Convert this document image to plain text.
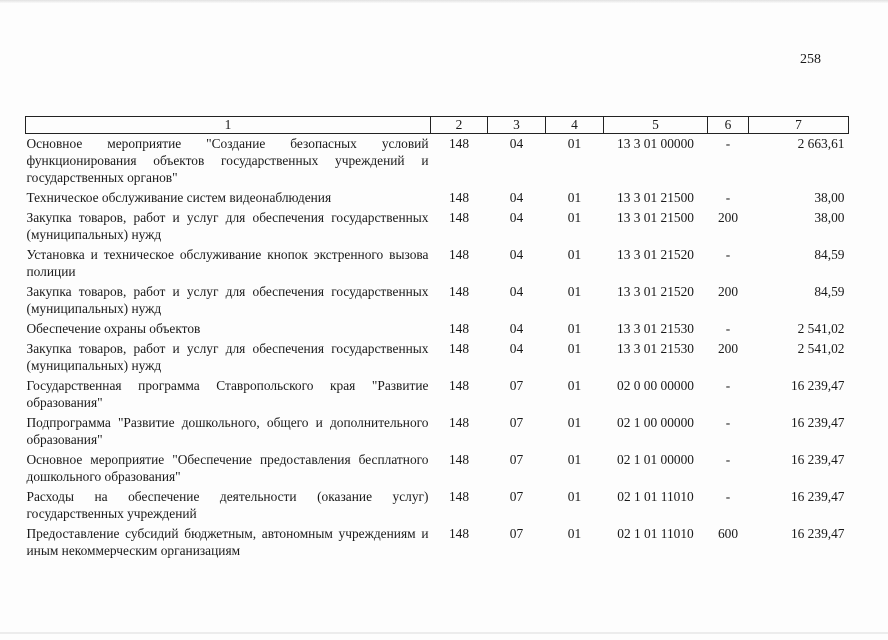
258
1	2	3	4	5	6	7
Основное мероприятие "Создание безопасных условий функционирования объектов государственных учреждений и государственных органов"	148	04	01	13 3 01 00000	-	2 663,61
Техническое обслуживание систем видеонаблюдения	148	04	01	13 3 01 21500	-	38,00
Закупка товаров, работ и услуг для обеспечения государственных (муниципальных) нужд	148	04	01	13 3 01 21500	200	38,00
Установка и техническое обслуживание кнопок экстренного вызова полиции	148	04	01	13 3 01 21520	-	84,59
Закупка товаров, работ и услуг для обеспечения государственных (муниципальных) нужд	148	04	01	13 3 01 21520	200	84,59
Обеспечение охраны объектов	148	04	01	13 3 01 21530	-	2 541,02
Закупка товаров, работ и услуг для обеспечения государственных (муниципальных) нужд	148	04	01	13 3 01 21530	200	2 541,02
Государственная программа Ставропольского края "Развитие образования"	148	07	01	02 0 00 00000	-	16 239,47
Подпрограмма "Развитие дошкольного, общего и дополнительного образования"	148	07	01	02 1 00 00000	-	16 239,47
Основное мероприятие "Обеспечение предоставления бесплатного дошкольного образования"	148	07	01	02 1 01 00000	-	16 239,47
Расходы на обеспечение деятельности (оказание услуг) государственных учреждений	148	07	01	02 1 01 11010	-	16 239,47
Предоставление субсидий бюджетным, автономным учреждениям и иным некоммерческим организациям	148	07	01	02 1 01 11010	600	16 239,47
